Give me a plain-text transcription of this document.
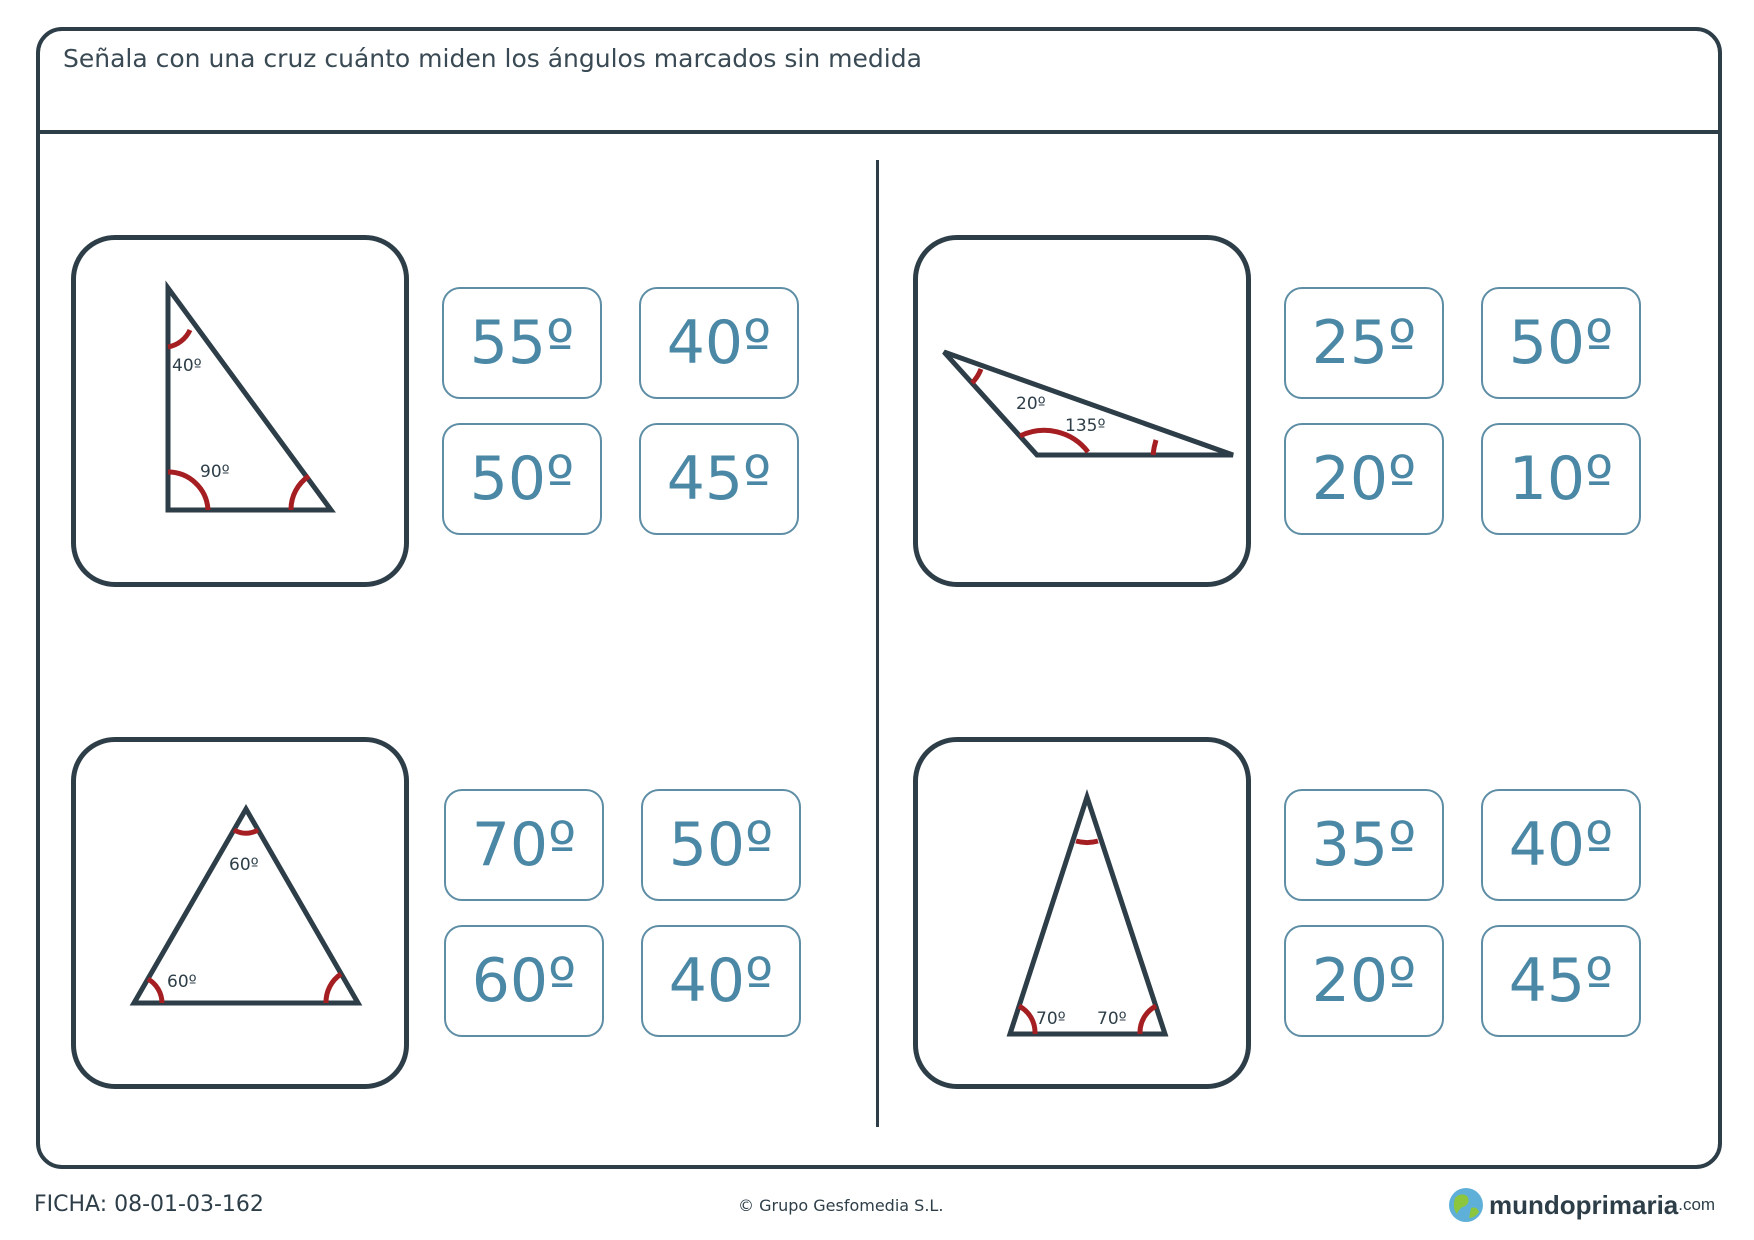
Señala con una cruz cuánto miden los ángulos marcados sin medida
40º
90º
55º	40º
50º	45º
20º
135º
25º	50º
20º	10º
60º
60º
70º	50º
60º	40º
70º 70º
35º	40º
20º	45º
FICHA: 08-01-03-162	© Grupo Gesfomedia S.L.	mundoprimaria .com
